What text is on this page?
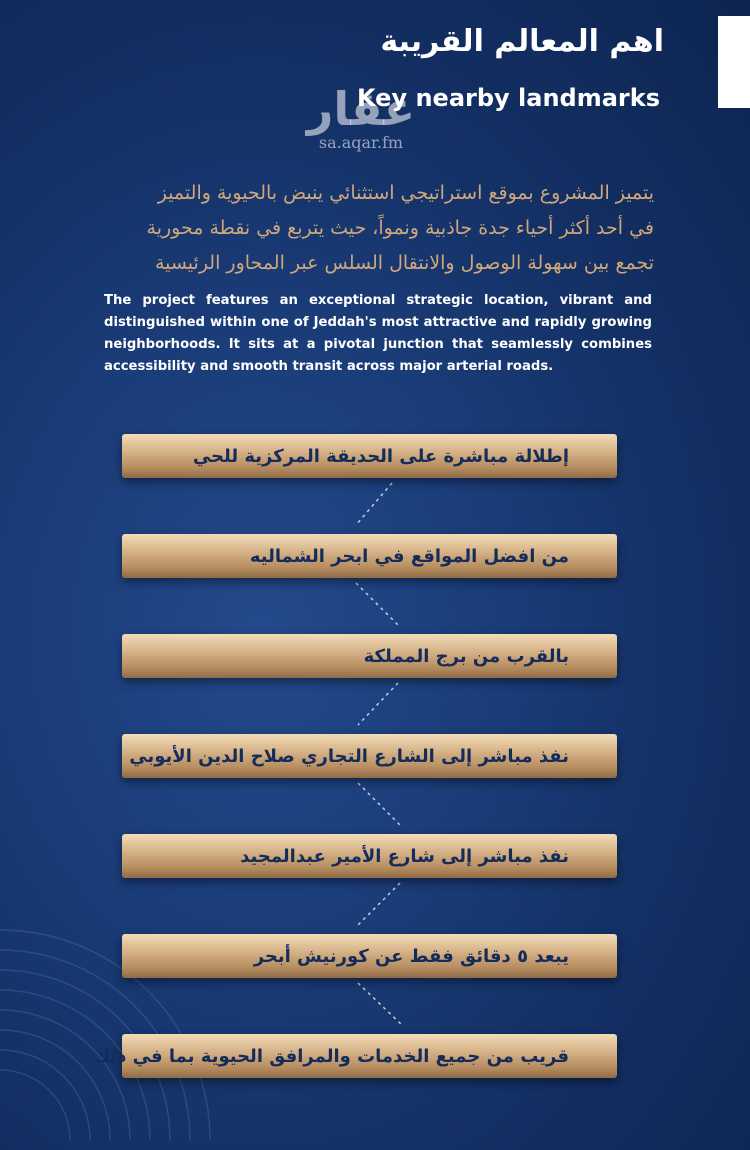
اهم المعالم القريبة
Key nearby landmarks
عقار
sa.aqar.fm
يتميز المشروع بموقع استراتيجي استثنائي ينبض بالحيوية والتميز
في أحد أكثر أحياء جدة جاذبية ونمواً، حيث يتربع في نقطة محورية
تجمع بين سهولة الوصول والانتقال السلس عبر المحاور الرئيسية
The project features an exceptional strategic location, vibrant and distinguished within one of Jeddah's most attractive and rapidly growing neighborhoods. It sits at a pivotal junction that seamlessly combines accessibility and smooth transit across major arterial roads.
إطلالة مباشرة على الحديقة المركزية للحي
من افضل المواقع في ابحر الشماليه
بالقرب من برج المملكة
نفذ مباشر إلى الشارع التجاري صلاح الدين الأيوبي
نفذ مباشر إلى شارع الأمير عبدالمجيد
يبعد ٥ دقائق فقط عن كورنيش أبحر
قريب من جميع الخدمات والمرافق الحيوية بما في ذلك
